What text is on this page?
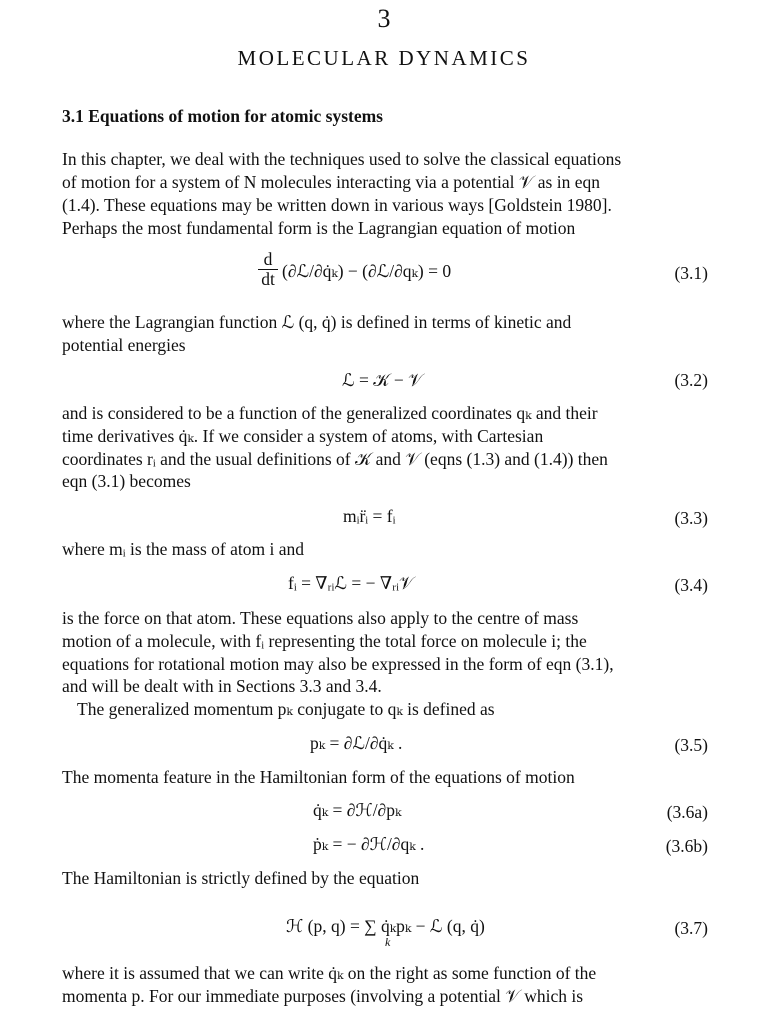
3
MOLECULAR DYNAMICS
3.1 Equations of motion for atomic systems
In this chapter, we deal with the techniques used to solve the classical equations
of motion for a system of N molecules interacting via a potential 𝒱 as in eqn
(1.4). These equations may be written down in various ways [Goldstein 1980].
Perhaps the most fundamental form is the Lagrangian equation of motion
$\frac{d}{dt}$ (∂ℒ/∂q̇ₖ) − (∂ℒ/∂qₖ) = 0	(3.1)
where the Lagrangian function ℒ (q, q̇) is defined in terms of kinetic and
potential energies
ℒ = 𝒦 − 𝒱	(3.2)
and is considered to be a function of the generalized coordinates qₖ and their
time derivatives q̇ₖ. If we consider a system of atoms, with Cartesian
coordinates rᵢ and the usual definitions of 𝒦 and 𝒱 (eqns (1.3) and (1.4)) then
eqn (3.1) becomes
mᵢr̈ᵢ = fᵢ	(3.3)
where mᵢ is the mass of atom i and
fᵢ = ∇ᵣᵢℒ = − ∇ᵣᵢ𝒱	(3.4)
is the force on that atom. These equations also apply to the centre of mass
motion of a molecule, with fᵢ representing the total force on molecule i; the
equations for rotational motion may also be expressed in the form of eqn (3.1),
and will be dealt with in Sections 3.3 and 3.4.
The generalized momentum pₖ conjugate to qₖ is defined as
pₖ = ∂ℒ/∂q̇ₖ .	(3.5)
The momenta feature in the Hamiltonian form of the equations of motion
q̇ₖ = ∂ℋ/∂pₖ	(3.6a)
ṗₖ = − ∂ℋ/∂qₖ .	(3.6b)
The Hamiltonian is strictly defined by the equation
ℋ (p, q) = ∑ q̇ₖpₖ − ℒ (q, q̇)
k
(3.7)
where it is assumed that we can write q̇ₖ on the right as some function of the
momenta p. For our immediate purposes (involving a potential 𝒱 which is
